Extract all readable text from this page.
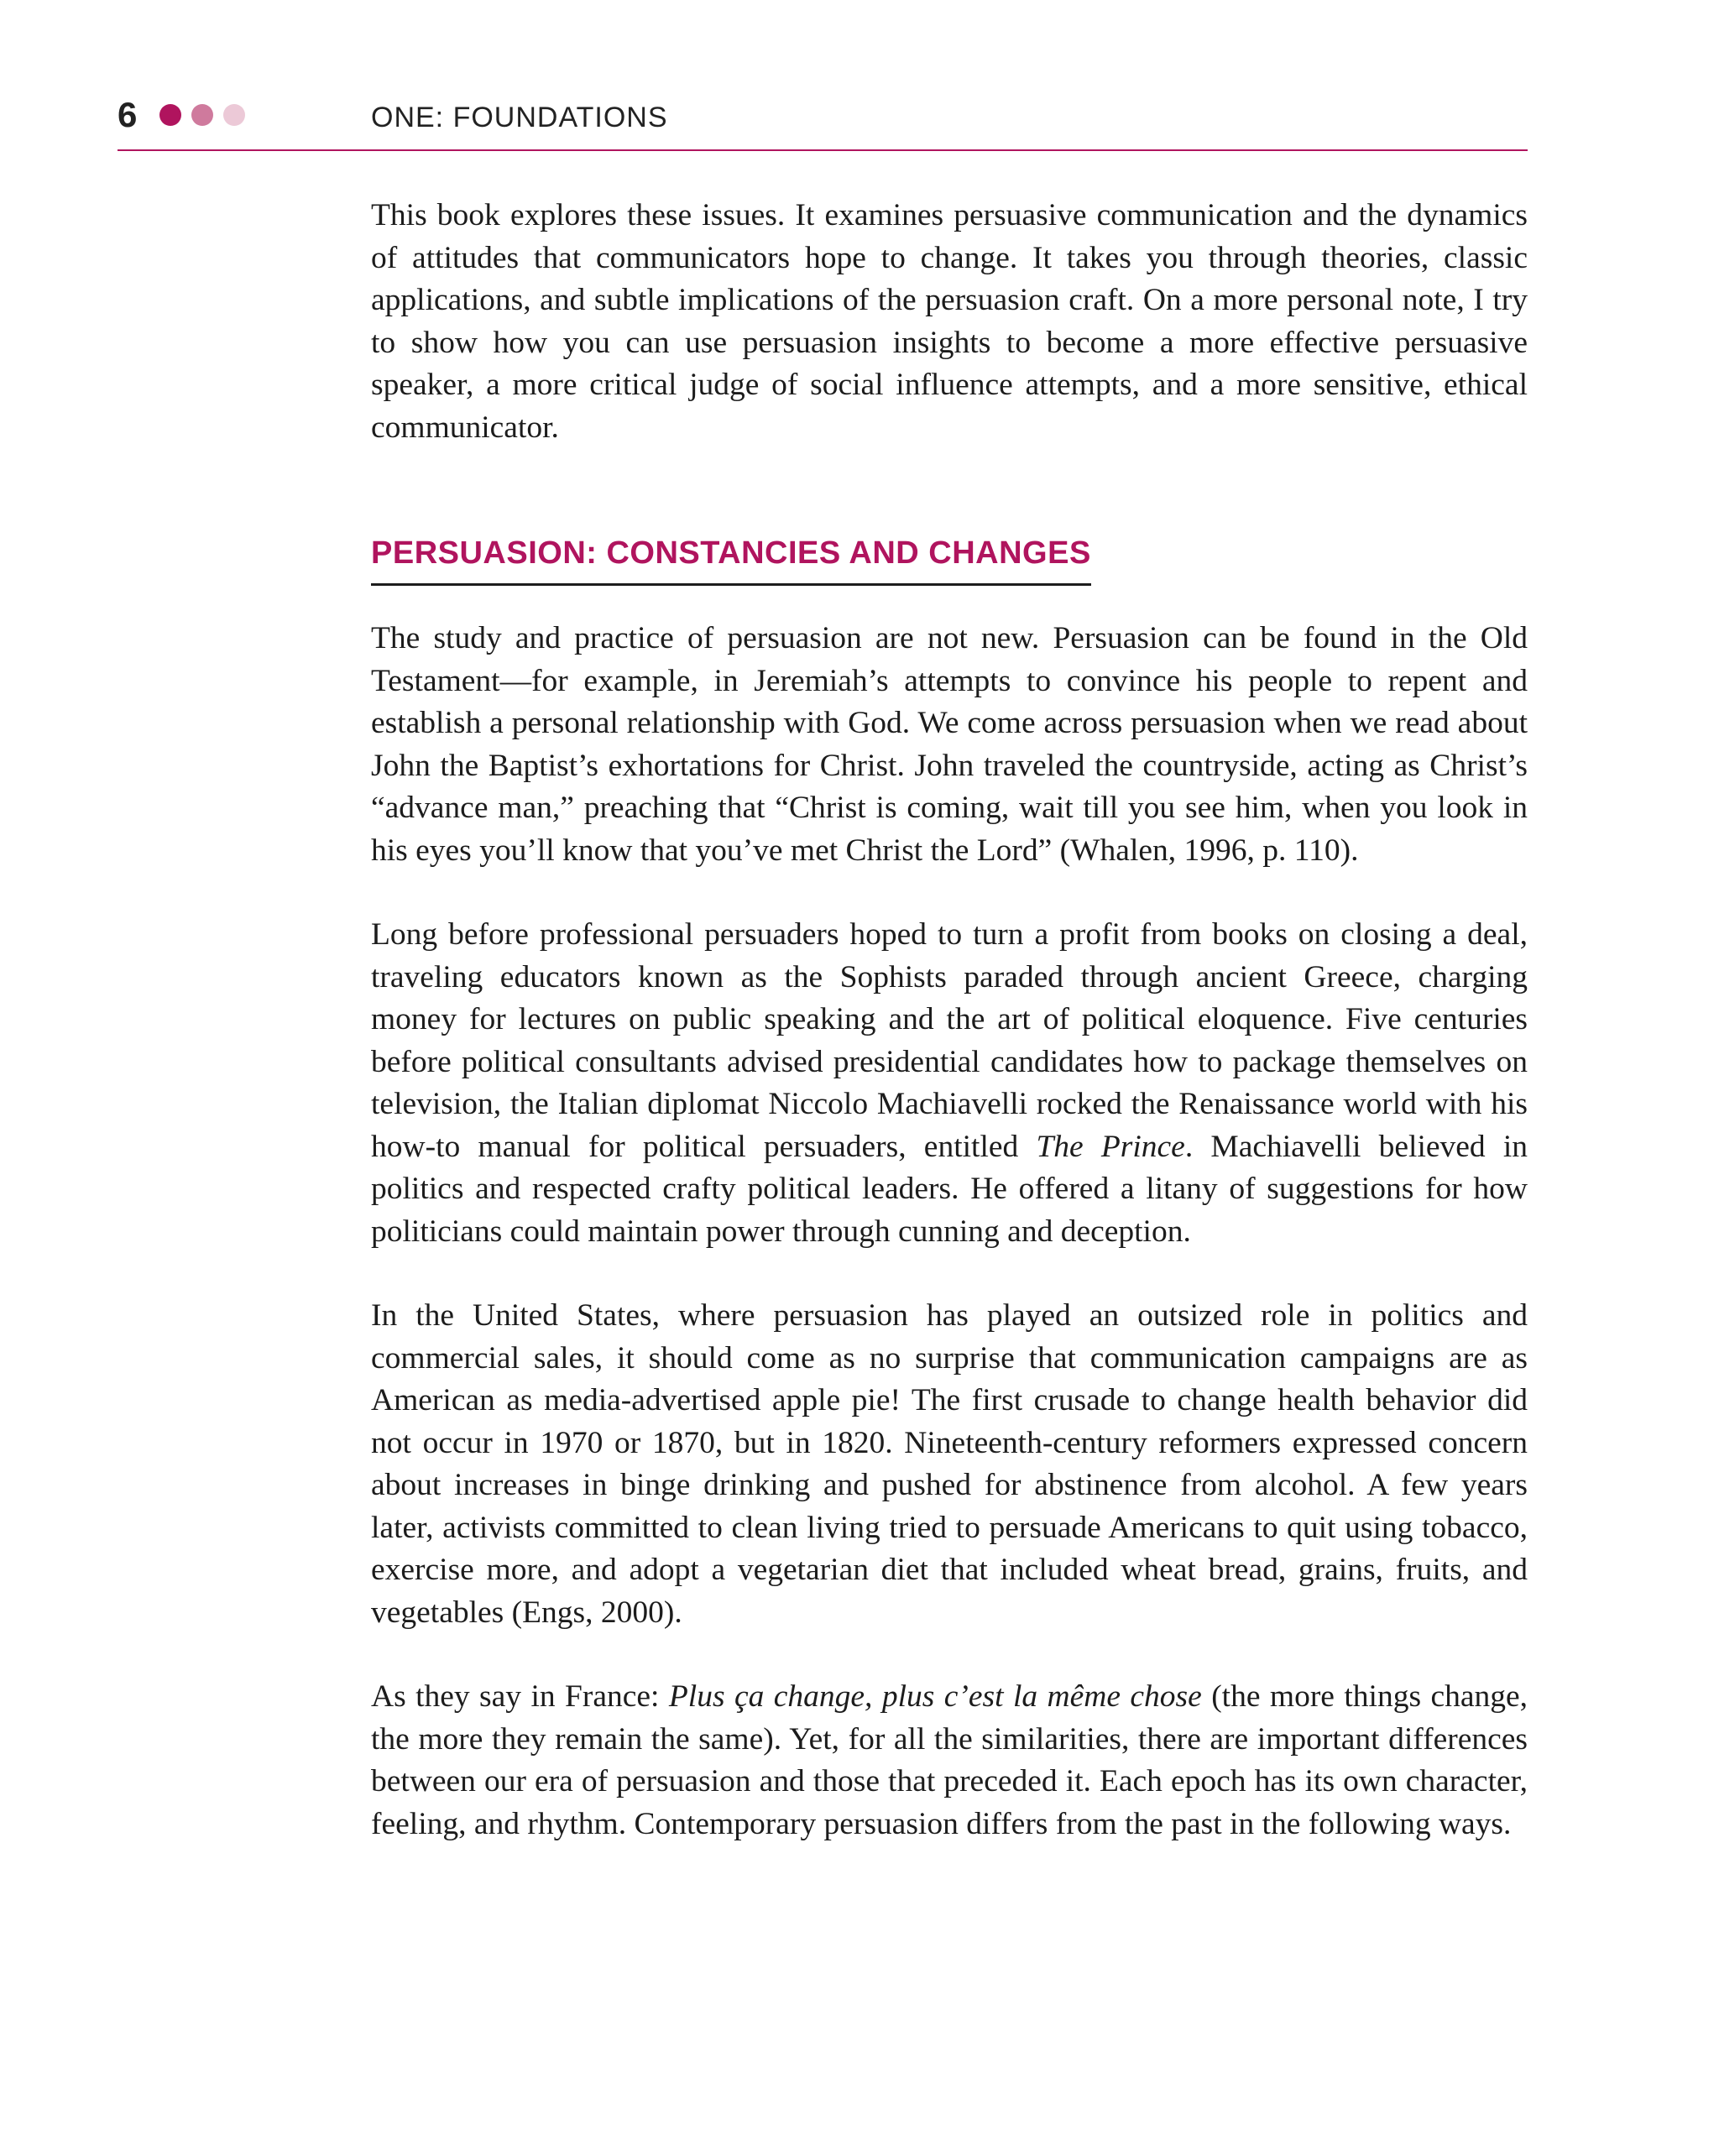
6	ONE: FOUNDATIONS

This book explores these issues. It examines persuasive communication and the dynamics of attitudes that communicators hope to change. It takes you through theories, classic applications, and subtle implications of the persuasion craft. On a more personal note, I try to show how you can use persuasion insights to become a more effective persuasive speaker, a more critical judge of social influence attempts, and a more sensitive, ethical communicator.

PERSUASION: CONSTANCIES AND CHANGES

The study and practice of persuasion are not new. Persuasion can be found in the Old Testament—for example, in Jeremiah’s attempts to convince his people to repent and establish a personal relationship with God. We come across persuasion when we read about John the Baptist’s exhortations for Christ. John traveled the countryside, acting as Christ’s “advance man,” preaching that “Christ is coming, wait till you see him, when you look in his eyes you’ll know that you’ve met Christ the Lord” (Whalen, 1996, p. 110).

Long before professional persuaders hoped to turn a profit from books on closing a deal, traveling educators known as the Sophists paraded through ancient Greece, charging money for lectures on public speaking and the art of political eloquence. Five centuries before political consultants advised presidential candidates how to package themselves on television, the Italian diplomat Niccolo Machiavelli rocked the Renaissance world with his how-to manual for political persuaders, entitled The Prince. Machiavelli believed in politics and respected crafty political leaders. He offered a litany of suggestions for how politicians could maintain power through cunning and deception.

In the United States, where persuasion has played an outsized role in politics and commercial sales, it should come as no surprise that communication campaigns are as American as media-advertised apple pie! The first crusade to change health behavior did not occur in 1970 or 1870, but in 1820. Nineteenth-century reformers expressed concern about increases in binge drinking and pushed for abstinence from alcohol. A few years later, activists committed to clean living tried to persuade Americans to quit using tobacco, exercise more, and adopt a vegetarian diet that included wheat bread, grains, fruits, and vegetables (Engs, 2000).

As they say in France: Plus ça change, plus c’est la même chose (the more things change, the more they remain the same). Yet, for all the similarities, there are important differences between our era of persuasion and those that preceded it. Each epoch has its own character, feeling, and rhythm. Contemporary persuasion differs from the past in the following ways.
